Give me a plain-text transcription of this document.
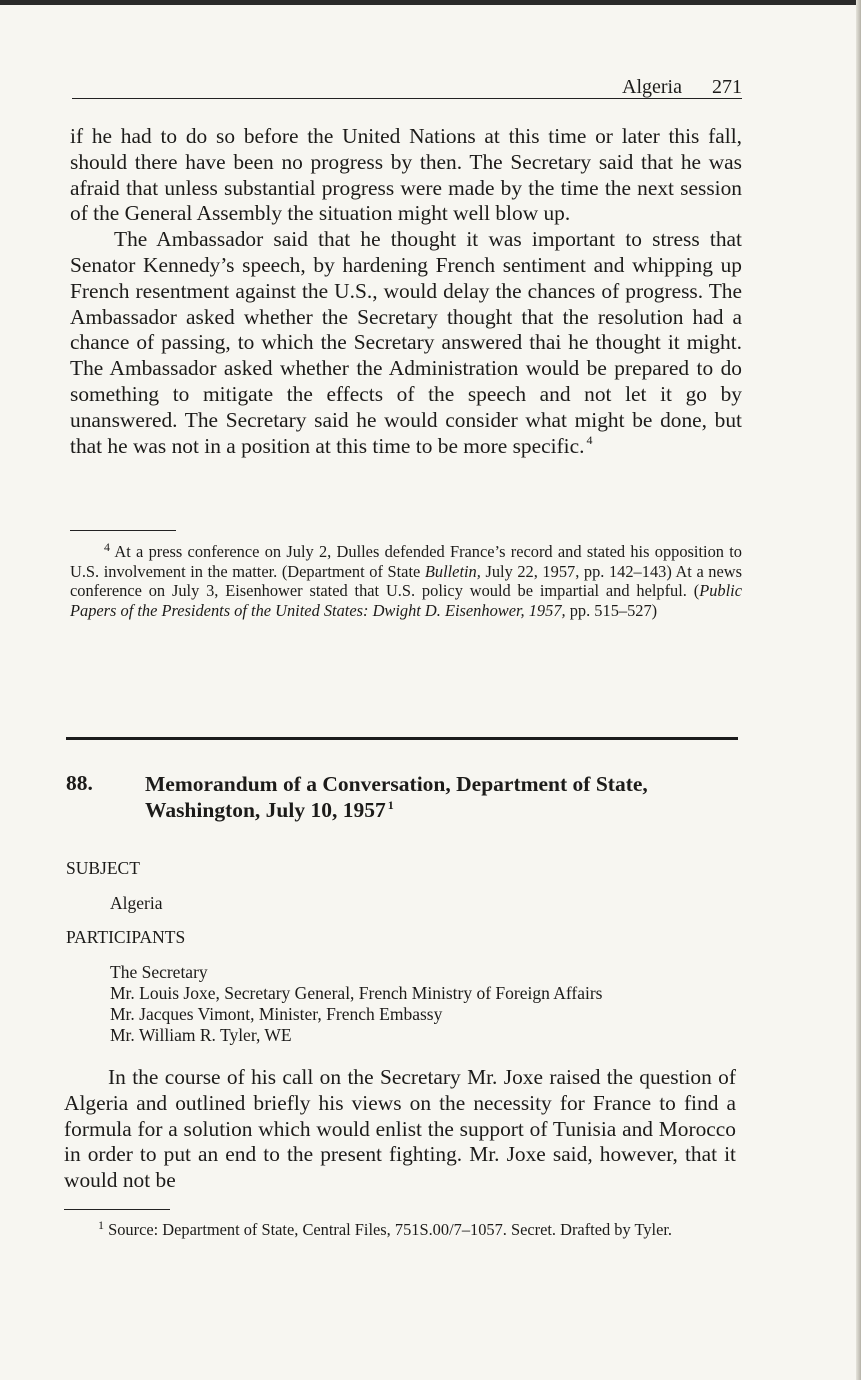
Algeria 271

if he had to do so before the United Nations at this time or later this fall, should there have been no progress by then. The Secretary said that he was afraid that unless substantial progress were made by the time the next session of the General Assembly the situation might well blow up.

The Ambassador said that he thought it was important to stress that Senator Kennedy’s speech, by hardening French sentiment and whipping up French resentment against the U.S., would delay the chances of progress. The Ambassador asked whether the Secretary thought that the resolution had a chance of passing, to which the Secretary answered thai he thought it might. The Ambassador asked whether the Administration would be prepared to do something to mitigate the effects of the speech and not let it go by unanswered. The Secretary said he would consider what might be done, but that he was not in a position at this time to be more specific. $^4$

$^4$ At a press conference on July 2, Dulles defended France’s record and stated his opposition to U.S. involvement in the matter. (Department of State Bulletin, July 22, 1957, pp. 142–143) At a news conference on July 3, Eisenhower stated that U.S. policy would be impartial and helpful. (Public Papers of the Presidents of the United States: Dwight D. Eisenhower, 1957, pp. 515–527)

88. Memorandum of a Conversation, Department of State, Washington, July 10, 1957 $^1$
SUBJECT
Algeria
PARTICIPANTS
The Secretary
Mr. Louis Joxe, Secretary General, French Ministry of Foreign Affairs
Mr. Jacques Vimont, Minister, French Embassy
Mr. William R. Tyler, WE

In the course of his call on the Secretary Mr. Joxe raised the question of Algeria and outlined briefly his views on the necessity for France to find a formula for a solution which would enlist the support of Tunisia and Morocco in order to put an end to the present fighting. Mr. Joxe said, however, that it would not be

$^1$ Source: Department of State, Central Files, 751S.00/7–1057. Secret. Drafted by Tyler.
